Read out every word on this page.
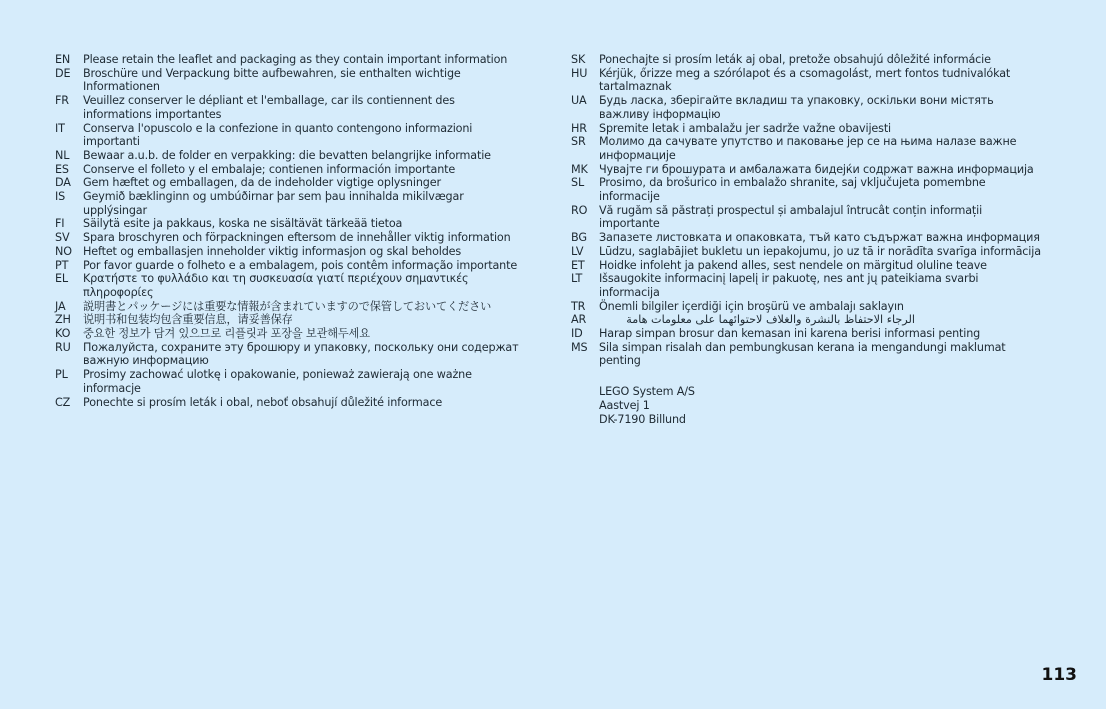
EN	Please retain the leaflet and packaging as they contain important information
DE	Broschüre und Verpackung bitte aufbewahren, sie enthalten wichtige Informationen
FR	Veuillez conserver le dépliant et l'emballage, car ils contiennent des informations importantes
IT	Conserva l'opuscolo e la confezione in quanto contengono informazioni importanti
NL	Bewaar a.u.b. de folder en verpakking: die bevatten belangrijke informatie
ES	Conserve el folleto y el embalaje; contienen información importante
DA	Gem hæftet og emballagen, da de indeholder vigtige oplysninger
IS	Geymið bæklinginn og umbúðirnar þar sem þau innihalda mikilvægar upplýsingar
FI	Säilytä esite ja pakkaus, koska ne sisältävät tärkeää tietoa
SV	Spara broschyren och förpackningen eftersom de innehåller viktig information
NO Heftet og emballasjen inneholder viktig informasjon og skal beholdes
PT	Por favor guarde o folheto e a embalagem, pois contêm informação importante
EL	Κρατήστε το φυλλάδιο και τη συσκευασία γιατί περιέχουν σημαντικές πληροφορίες
JA	説明書とパッケージには重要な情報が含まれていますので保管しておいてください
ZH	说明书和包装均包含重要信息，请妥善保存
KO	중요한 정보가 담겨 있으므로 리플릿과 포장을 보관해두세요
RU	Пожалуйста, сохраните эту брошюру и упаковку, поскольку они содержат важную информацию
PL	Prosimy zachować ulotkę i opakowanie, ponieważ zawierają one ważne informacje
CZ	Ponechte si prosím leták i obal, neboť obsahují důležité informace
SK	Ponechajte si prosím leták aj obal, pretože obsahujú dôležité informácie
HU	Kérjük, őrizze meg a szórólapot és a csomagolást, mert fontos tudnivalókat tartalmaznak
UA	Будь ласка, зберігайте вкладиш та упаковку, оскільки вони містять важливу інформацію
HR	Spremite letak i ambalažu jer sadrže važne obavijesti
SR	Молимо да сачувате упутство и паковање јер се на њима налазе важне информације
MK	Чувајте ги брошурата и амбалажата бидејќи содржат важна информација
SL	Prosimo, da brošurico in embalažo shranite, saj vključujeta pomembne informacije
RO	Vă rugăm să păstrați prospectul și ambalajul întrucât conțin informații importante
BG	Запазете листовката и опаковката, тъй като съдържат важна информация
LV	Lūdzu, saglabājiet bukletu un iepakojumu, jo uz tā ir norādīta svarīga informācija
ET	Hoidke infoleht ja pakend alles, sest nendele on märgitud oluline teave
LT	Išsaugokite informacinį lapelį ir pakuotę, nes ant jų pateikiama svarbi informacija
TR	Önemli bilgiler içerdiği için broşürü ve ambalajı saklayın
AR	الرجاء الاحتفاظ بالنشرة والغلاف لاحتوائهما على معلومات هامة
ID	Harap simpan brosur dan kemasan ini karena berisi informasi penting
MS	Sila simpan risalah dan pembungkusan kerana ia mengandungi maklumat penting
LEGO System A/S
Aastvej 1
DK-7190 Billund
113
